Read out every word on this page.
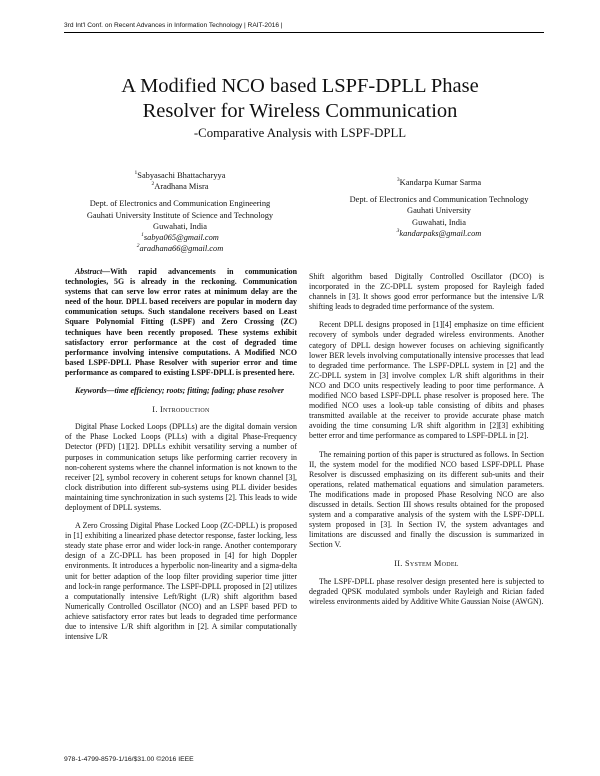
3rd Int'l Conf. on Recent Advances in Information Technology | RAIT-2016 |
A Modified NCO based LSPF-DPLL Phase
Resolver for Wireless Communication
-Comparative Analysis with LSPF-DPLL
$^1$Sabyasachi Bhattacharyya
$^2$Aradhana Misra
Dept. of Electronics and Communication Engineering
Gauhati University Institute of Science and Technology
Guwahati, India
$^1$sabya065@gmail.com
$^2$aradhana66@gmail.com
$^3$Kandarpa Kumar Sarma
Dept. of Electronics and Communication Technology
Gauhati University
Guwahati, India
$^3$kandarpaks@gmail.com

Abstract—With rapid advancements in communication technologies, 5G is already in the reckoning. Communication systems that can serve low error rates at minimum delay are the need of the hour. DPLL based receivers are popular in modern day communication setups. Such standalone receivers based on Least Square Polynomial Fitting (LSPF) and Zero Crossing (ZC) techniques have been recently proposed. These systems exhibit satisfactory error performance at the cost of degraded time performance involving intensive computations. A Modified NCO based LSPF-DPLL Phase Resolver with superior error and time performance as compared to existing LSPF-DPLL is presented here.

Keywords—time efficiency; roots; fitting; fading; phase resolver

I. Introduction

Digital Phase Locked Loops (DPLLs) are the digital domain version of the Phase Locked Loops (PLLs) with a digital Phase-Frequency Detector (PFD) [1][2]. DPLLs exhibit versatility serving a number of purposes in communication setups like performing carrier recovery in non-coherent systems where the channel information is not known to the receiver [2], symbol recovery in coherent setups for known channel [3], clock distribution into different sub-systems using PLL divider besides maintaining time synchronization in such systems [2]. This leads to wide deployment of DPLL systems.

A Zero Crossing Digital Phase Locked Loop (ZC-DPLL) is proposed in [1] exhibiting a linearized phase detector response, faster locking, less steady state phase error and wider lock-in range. Another contemporary design of a ZC-DPLL has been proposed in [4] for high Doppler environments. It introduces a hyperbolic non-linearity and a sigma-delta unit for better adaption of the loop filter providing superior time jitter and lock-in range performance. The LSPF-DPLL proposed in [2] utilizes a computationally intensive Left/Right (L/R) shift algorithm based Numerically Controlled Oscillator (NCO) and an LSPF based PFD to achieve satisfactory error rates but leads to degraded time performance due to intensive L/R shift algorithm in [2]. A similar computationally intensive L/R

Shift algorithm based Digitally Controlled Oscillator (DCO) is incorporated in the ZC-DPLL system proposed for Rayleigh faded channels in [3]. It shows good error performance but the intensive L/R shifting leads to degraded time performance of the system.

Recent DPLL designs proposed in [1][4] emphasize on time efficient recovery of symbols under degraded wireless environments. Another category of DPLL design however focuses on achieving significantly lower BER levels involving computationally intensive processes that lead to degraded time performance. The LSPF-DPLL system in [2] and the ZC-DPLL system in [3] involve complex L/R shift algorithms in their NCO and DCO units respectively leading to poor time performance. A modified NCO based LSPF-DPLL phase resolver is proposed here. The modified NCO uses a look-up table consisting of dibits and phases transmitted available at the receiver to provide accurate phase match avoiding the time consuming L/R shift algorithm in [2][3] exhibiting better error and time performance as compared to LSPF-DPLL in [2].

The remaining portion of this paper is structured as follows. In Section II, the system model for the modified NCO based LSPF-DPLL Phase Resolver is discussed emphasizing on its different sub-units and their operations, related mathematical equations and simulation parameters. The modifications made in proposed Phase Resolving NCO are also discussed in details. Section III shows results obtained for the proposed system and a comparative analysis of the system with the LSPF-DPLL system proposed in [3]. In Section IV, the system advantages and limitations are discussed and finally the discussion is summarized in Section V.

II. System Model

The LSPF-DPLL phase resolver design presented here is subjected to degraded QPSK modulated symbols under Rayleigh and Rician faded wireless environments aided by Additive White Gaussian Noise (AWGN).

978-1-4799-8579-1/16/$31.00 ©2016 IEEE
